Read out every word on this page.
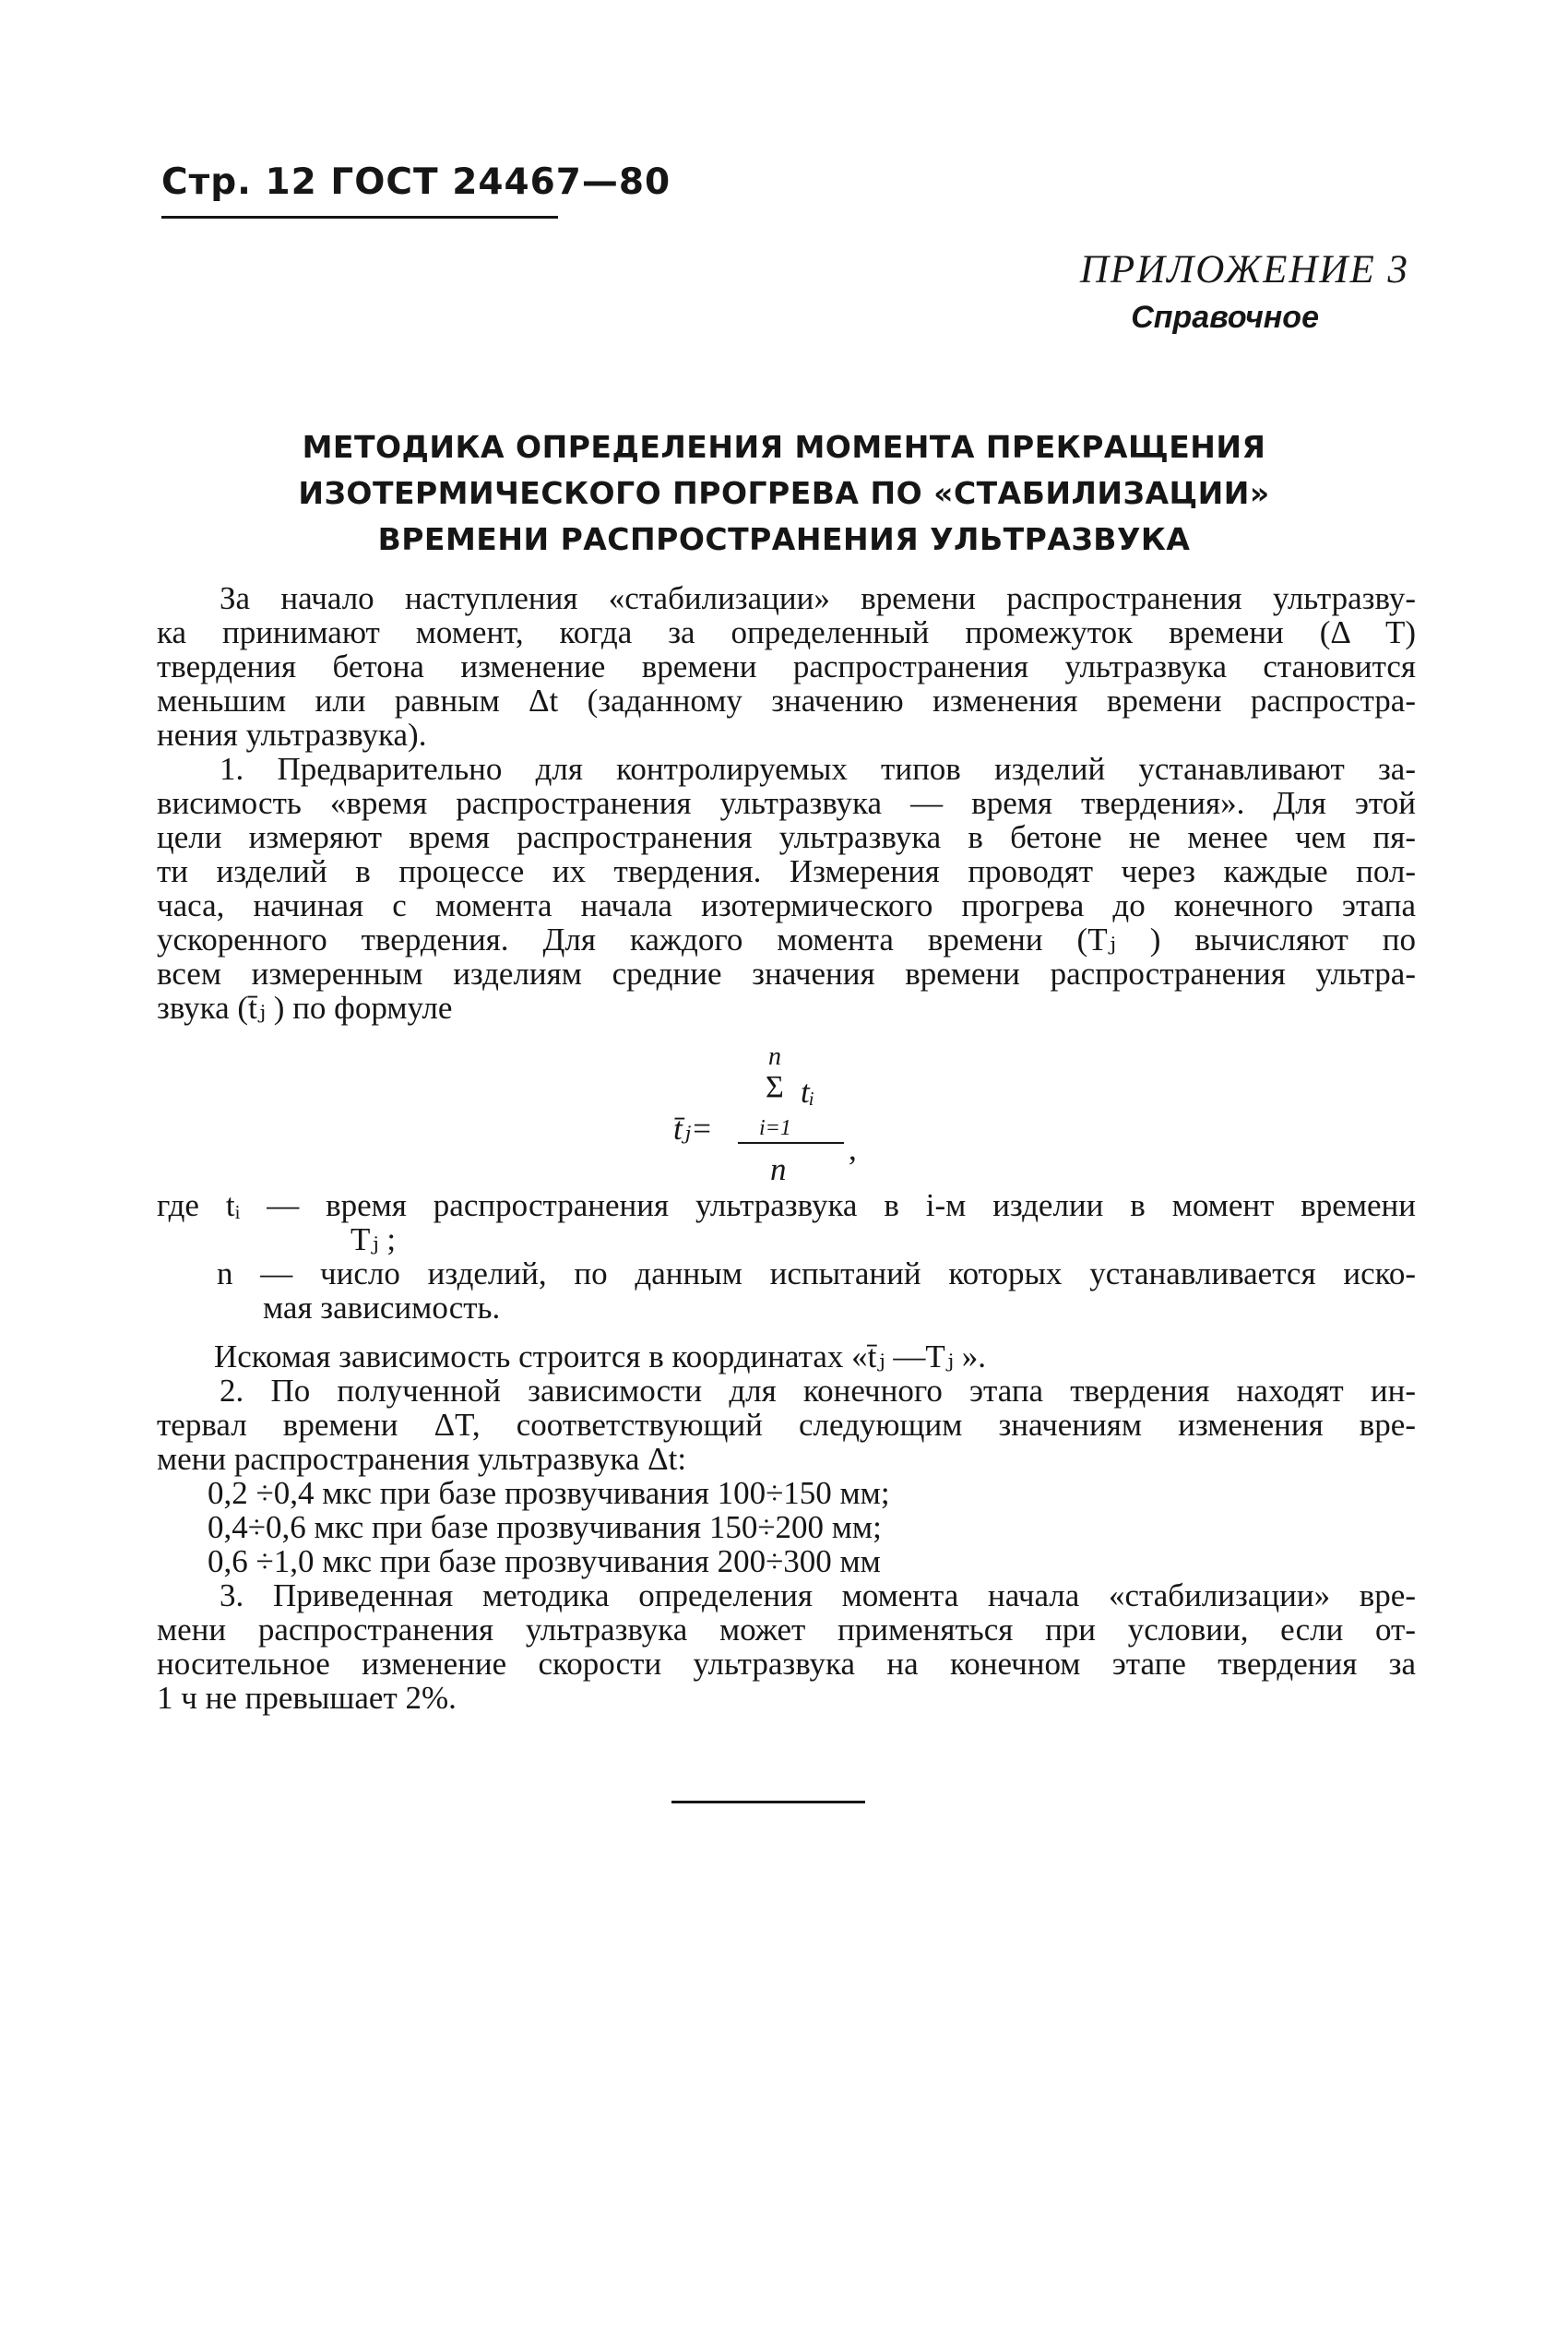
Стр. 12 ГОСТ 24467—80
ПРИЛОЖЕНИЕ 3
Справочное
МЕТОДИКА ОПРЕДЕЛЕНИЯ МОМЕНТА ПРЕКРАЩЕНИЯ
ИЗОТЕРМИЧЕСКОГО ПРОГРЕВА ПО «СТАБИЛИЗАЦИИ»
ВРЕМЕНИ РАСПРОСТРАНЕНИЯ УЛЬТРАЗВУКА
За начало наступления «стабилизации» времени распространения ультразву-
ка принимают момент, когда за определенный промежуток времени (Δ T)
твердения бетона изменение времени распространения ультразвука становится
меньшим или равным Δt (заданному значению изменения времени распростра-
нения ультразвука).
1. Предварительно для контролируемых типов изделий устанавливают за-
висимость «время распространения ультразвука — время твердения». Для этой
цели измеряют время распространения ультразвука в бетоне не менее чем пя-
ти изделий в процессе их твердения. Измерения проводят через каждые пол-
часа, начиная с момента начала изотермического прогрева до конечного этапа
ускоренного твердения. Для каждого момента времени (Tⱼ ) вычисляют по
всем измеренным изделиям средние значения времени распространения ультра-
звука (t̄ⱼ ) по формуле
n
Σ tᵢ
t̄ⱼ= i=1
n
,
где tᵢ — время распространения ультразвука в i-м изделии в момент времени
Tⱼ ;
n — число изделий, по данным испытаний которых устанавливается иско-
мая зависимость.
Искомая зависимость строится в координатах «t̄ⱼ —Tⱼ ».
2. По полученной зависимости для конечного этапа твердения находят ин-
тервал времени ΔT, соответствующий следующим значениям изменения вре-
мени распространения ультразвука Δt:
0,2 ÷0,4 мкс при базе прозвучивания 100÷150 мм;
0,4÷0,6 мкс при базе прозвучивания 150÷200 мм;
0,6 ÷1,0 мкс при базе прозвучивания 200÷300 мм
3. Приведенная методика определения момента начала «стабилизации» вре-
мени распространения ультразвука может применяться при условии, если от-
носительное изменение скорости ультразвука на конечном этапе твердения за
1 ч не превышает 2%.
